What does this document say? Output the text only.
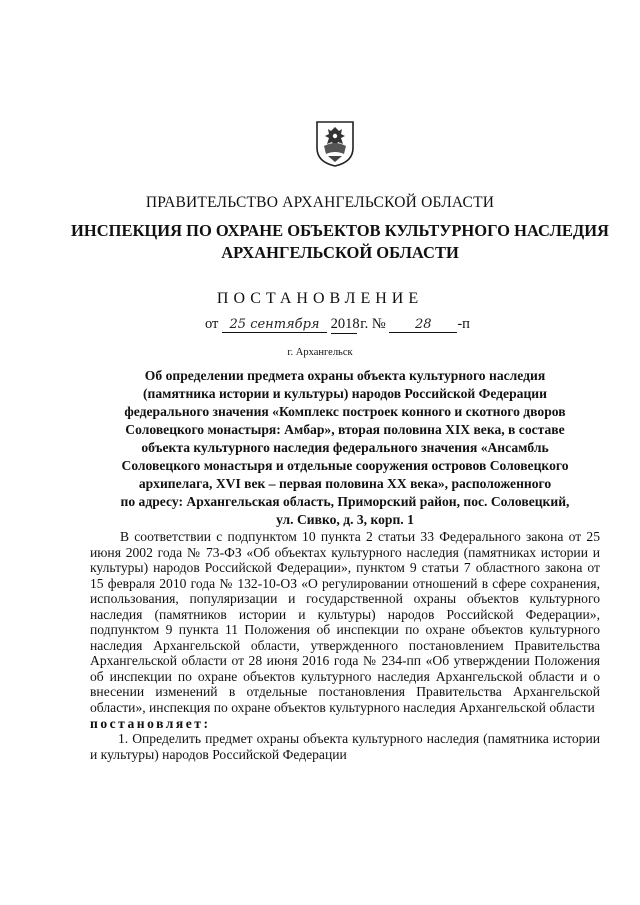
ПРАВИТЕЛЬСТВО АРХАНГЕЛЬСКОЙ ОБЛАСТИ
ИНСПЕКЦИЯ ПО ОХРАНЕ ОБЪЕКТОВ КУЛЬТУРНОГО НАСЛЕДИЯ
АРХАНГЕЛЬСКОЙ ОБЛАСТИ
ПОСТАНОВЛЕНИЕ
от 25 сентября 2018 г. № 28 -п
г. Архангельск
Об определении предмета охраны объекта культурного наследия
(памятника истории и культуры) народов Российской Федерации
федерального значения «Комплекс построек конного и скотного дворов
Соловецкого монастыря: Амбар», вторая половина XIX века, в составе
объекта культурного наследия федерального значения «Ансамбль
Соловецкого монастыря и отдельные сооружения островов Соловецкого
архипелага, XVI век – первая половина XX века», расположенного
по адресу: Архангельская область, Приморский район, пос. Соловецкий,
ул. Сивко, д. 3, корп. 1

В соответствии с подпунктом 10 пункта 2 статьи 33 Федерального закона от 25 июня 2002 года № 73-ФЗ «Об объектах культурного наследия (памятниках истории и культуры) народов Российской Федерации», пунктом 9 статьи 7 областного закона от 15 февраля 2010 года № 132-10-ОЗ «О регулировании отношений в сфере сохранения, использования, популяризации и государственной охраны объектов культурного наследия (памятников истории и культуры) народов Российской Федерации», подпунктом 9 пункта 11 Положения об инспекции по охране объектов культурного наследия Архангельской области, утвержденного постановлением Правительства Архангельской области от 28 июня 2016 года № 234-пп «Об утверждении Положения об инспекции по охране объектов культурного наследия Архангельской области и о внесении изменений в отдельные постановления Правительства Архангельской области», инспекция по охране объектов культурного наследия Архангельской области

постановляет:

1. Определить предмет охраны объекта культурного наследия (памятника истории и культуры) народов Российской Федерации
